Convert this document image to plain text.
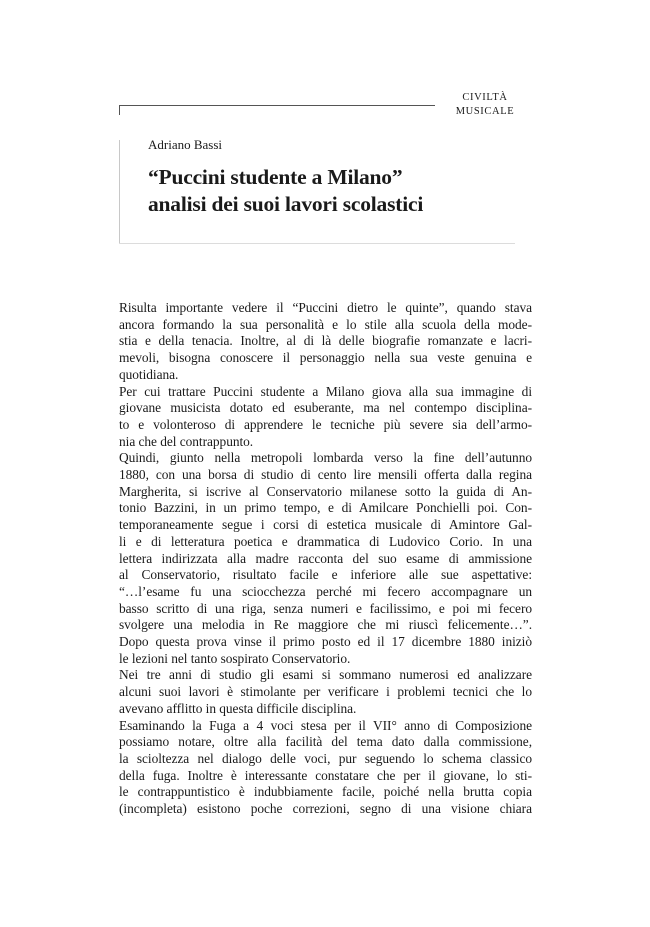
CIVILTÀ
MUSICALE
Adriano Bassi
“Puccini studente a Milano”
analisi dei suoi lavori scolastici

Risulta importante vedere il “Puccini dietro le quinte”, quando stava

ancora formando la sua personalità e lo stile alla scuola della mode-

stia e della tenacia. Inoltre, al di là delle biografie romanzate e lacri-

mevoli, bisogna conoscere il personaggio nella sua veste genuina e

quotidiana.

Per cui trattare Puccini studente a Milano giova alla sua immagine di

giovane musicista dotato ed esuberante, ma nel contempo disciplina-

to e volonteroso di apprendere le tecniche più severe sia dell’armo-

nia che del contrappunto.

Quindi, giunto nella metropoli lombarda verso la fine dell’autunno

1880, con una borsa di studio di cento lire mensili offerta dalla regina

Margherita, si iscrive al Conservatorio milanese sotto la guida di An-

tonio Bazzini, in un primo tempo, e di Amilcare Ponchielli poi. Con-

temporaneamente segue i corsi di estetica musicale di Amintore Gal-

li e di letteratura poetica e drammatica di Ludovico Corio. In una

lettera indirizzata alla madre racconta del suo esame di ammissione

al Conservatorio, risultato facile e inferiore alle sue aspettative:

“…l’esame fu una sciocchezza perché mi fecero accompagnare un

basso scritto di una riga, senza numeri e facilissimo, e poi mi fecero

svolgere una melodia in Re maggiore che mi riuscì felicemente…”.

Dopo questa prova vinse il primo posto ed il 17 dicembre 1880 iniziò

le lezioni nel tanto sospirato Conservatorio.

Nei tre anni di studio gli esami si sommano numerosi ed analizzare

alcuni suoi lavori è stimolante per verificare i problemi tecnici che lo

avevano afflitto in questa difficile disciplina.

Esaminando la Fuga a 4 voci stesa per il VII° anno di Composizione

possiamo notare, oltre alla facilità del tema dato dalla commissione,

la scioltezza nel dialogo delle voci, pur seguendo lo schema classico

della fuga. Inoltre è interessante constatare che per il giovane, lo sti-

le contrappuntistico è indubbiamente facile, poiché nella brutta copia

(incompleta) esistono poche correzioni, segno di una visione chiara
